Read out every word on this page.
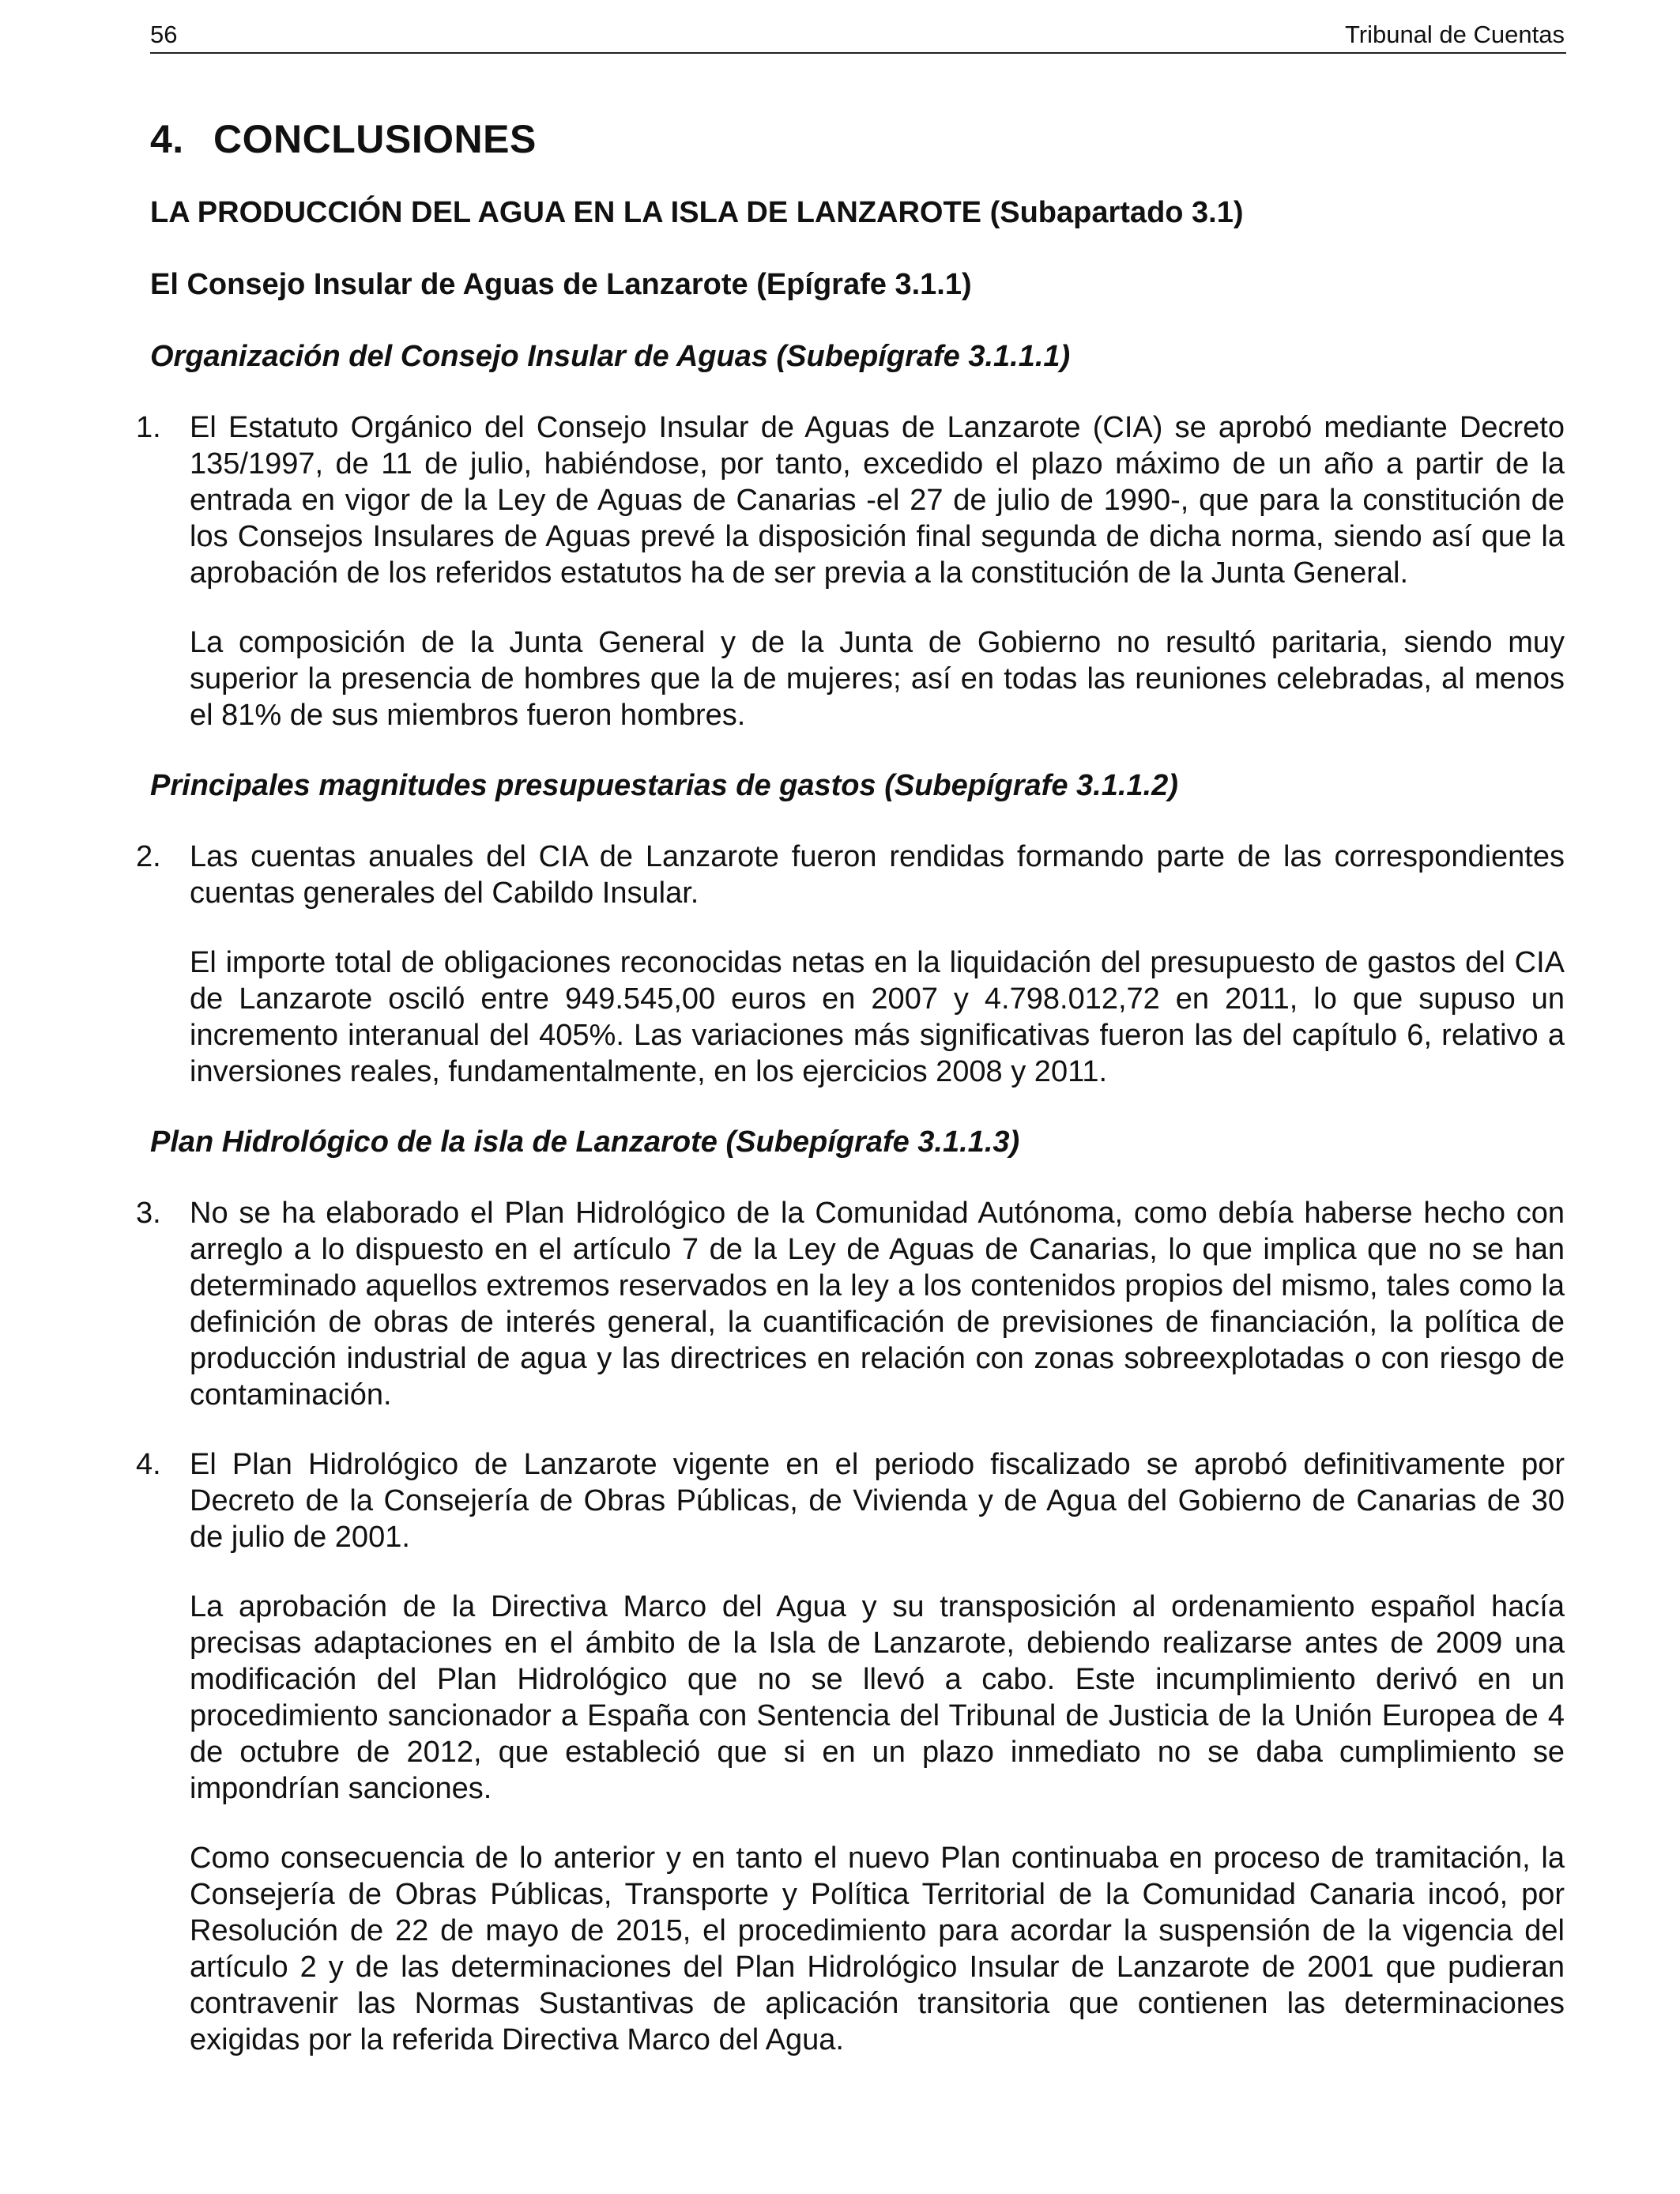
56	Tribunal de Cuentas
4. CONCLUSIONES
LA PRODUCCIÓN DEL AGUA EN LA ISLA DE LANZAROTE (Subapartado 3.1)
El Consejo Insular de Aguas de Lanzarote (Epígrafe 3.1.1)
Organización del Consejo Insular de Aguas (Subepígrafe 3.1.1.1)
1. El Estatuto Orgánico del Consejo Insular de Aguas de Lanzarote (CIA) se aprobó mediante Decreto 135/1997, de 11 de julio, habiéndose, por tanto, excedido el plazo máximo de un año a partir de la entrada en vigor de la Ley de Aguas de Canarias -el 27 de julio de 1990-, que para la constitución de los Consejos Insulares de Aguas prevé la disposición final segunda de dicha norma, siendo así que la aprobación de los referidos estatutos ha de ser previa a la constitución de la Junta General.

La composición de la Junta General y de la Junta de Gobierno no resultó paritaria, siendo muy superior la presencia de hombres que la de mujeres; así en todas las reuniones celebradas, al menos el 81% de sus miembros fueron hombres.

Principales magnitudes presupuestarias de gastos (Subepígrafe 3.1.1.2)
2. Las cuentas anuales del CIA de Lanzarote fueron rendidas formando parte de las correspondientes cuentas generales del Cabildo Insular.

El importe total de obligaciones reconocidas netas en la liquidación del presupuesto de gastos del CIA de Lanzarote osciló entre 949.545,00 euros en 2007 y 4.798.012,72 en 2011, lo que supuso un incremento interanual del 405%. Las variaciones más significativas fueron las del capítulo 6, relativo a inversiones reales, fundamentalmente, en los ejercicios 2008 y 2011.

Plan Hidrológico de la isla de Lanzarote (Subepígrafe 3.1.1.3)
3. No se ha elaborado el Plan Hidrológico de la Comunidad Autónoma, como debía haberse hecho con arreglo a lo dispuesto en el artículo 7 de la Ley de Aguas de Canarias, lo que implica que no se han determinado aquellos extremos reservados en la ley a los contenidos propios del mismo, tales como la definición de obras de interés general, la cuantificación de previsiones de financiación, la política de producción industrial de agua y las directrices en relación con zonas sobreexplotadas o con riesgo de contaminación.

4. El Plan Hidrológico de Lanzarote vigente en el periodo fiscalizado se aprobó definitivamente por Decreto de la Consejería de Obras Públicas, de Vivienda y de Agua del Gobierno de Canarias de 30 de julio de 2001.

La aprobación de la Directiva Marco del Agua y su transposición al ordenamiento español hacía precisas adaptaciones en el ámbito de la Isla de Lanzarote, debiendo realizarse antes de 2009 una modificación del Plan Hidrológico que no se llevó a cabo. Este incumplimiento derivó en un procedimiento sancionador a España con Sentencia del Tribunal de Justicia de la Unión Europea de 4 de octubre de 2012, que estableció que si en un plazo inmediato no se daba cumplimiento se impondrían sanciones.

Como consecuencia de lo anterior y en tanto el nuevo Plan continuaba en proceso de tramitación, la Consejería de Obras Públicas, Transporte y Política Territorial de la Comunidad Canaria incoó, por Resolución de 22 de mayo de 2015, el procedimiento para acordar la suspensión de la vigencia del artículo 2 y de las determinaciones del Plan Hidrológico Insular de Lanzarote de 2001 que pudieran contravenir las Normas Sustantivas de aplicación transitoria que contienen las determinaciones exigidas por la referida Directiva Marco del Agua.
